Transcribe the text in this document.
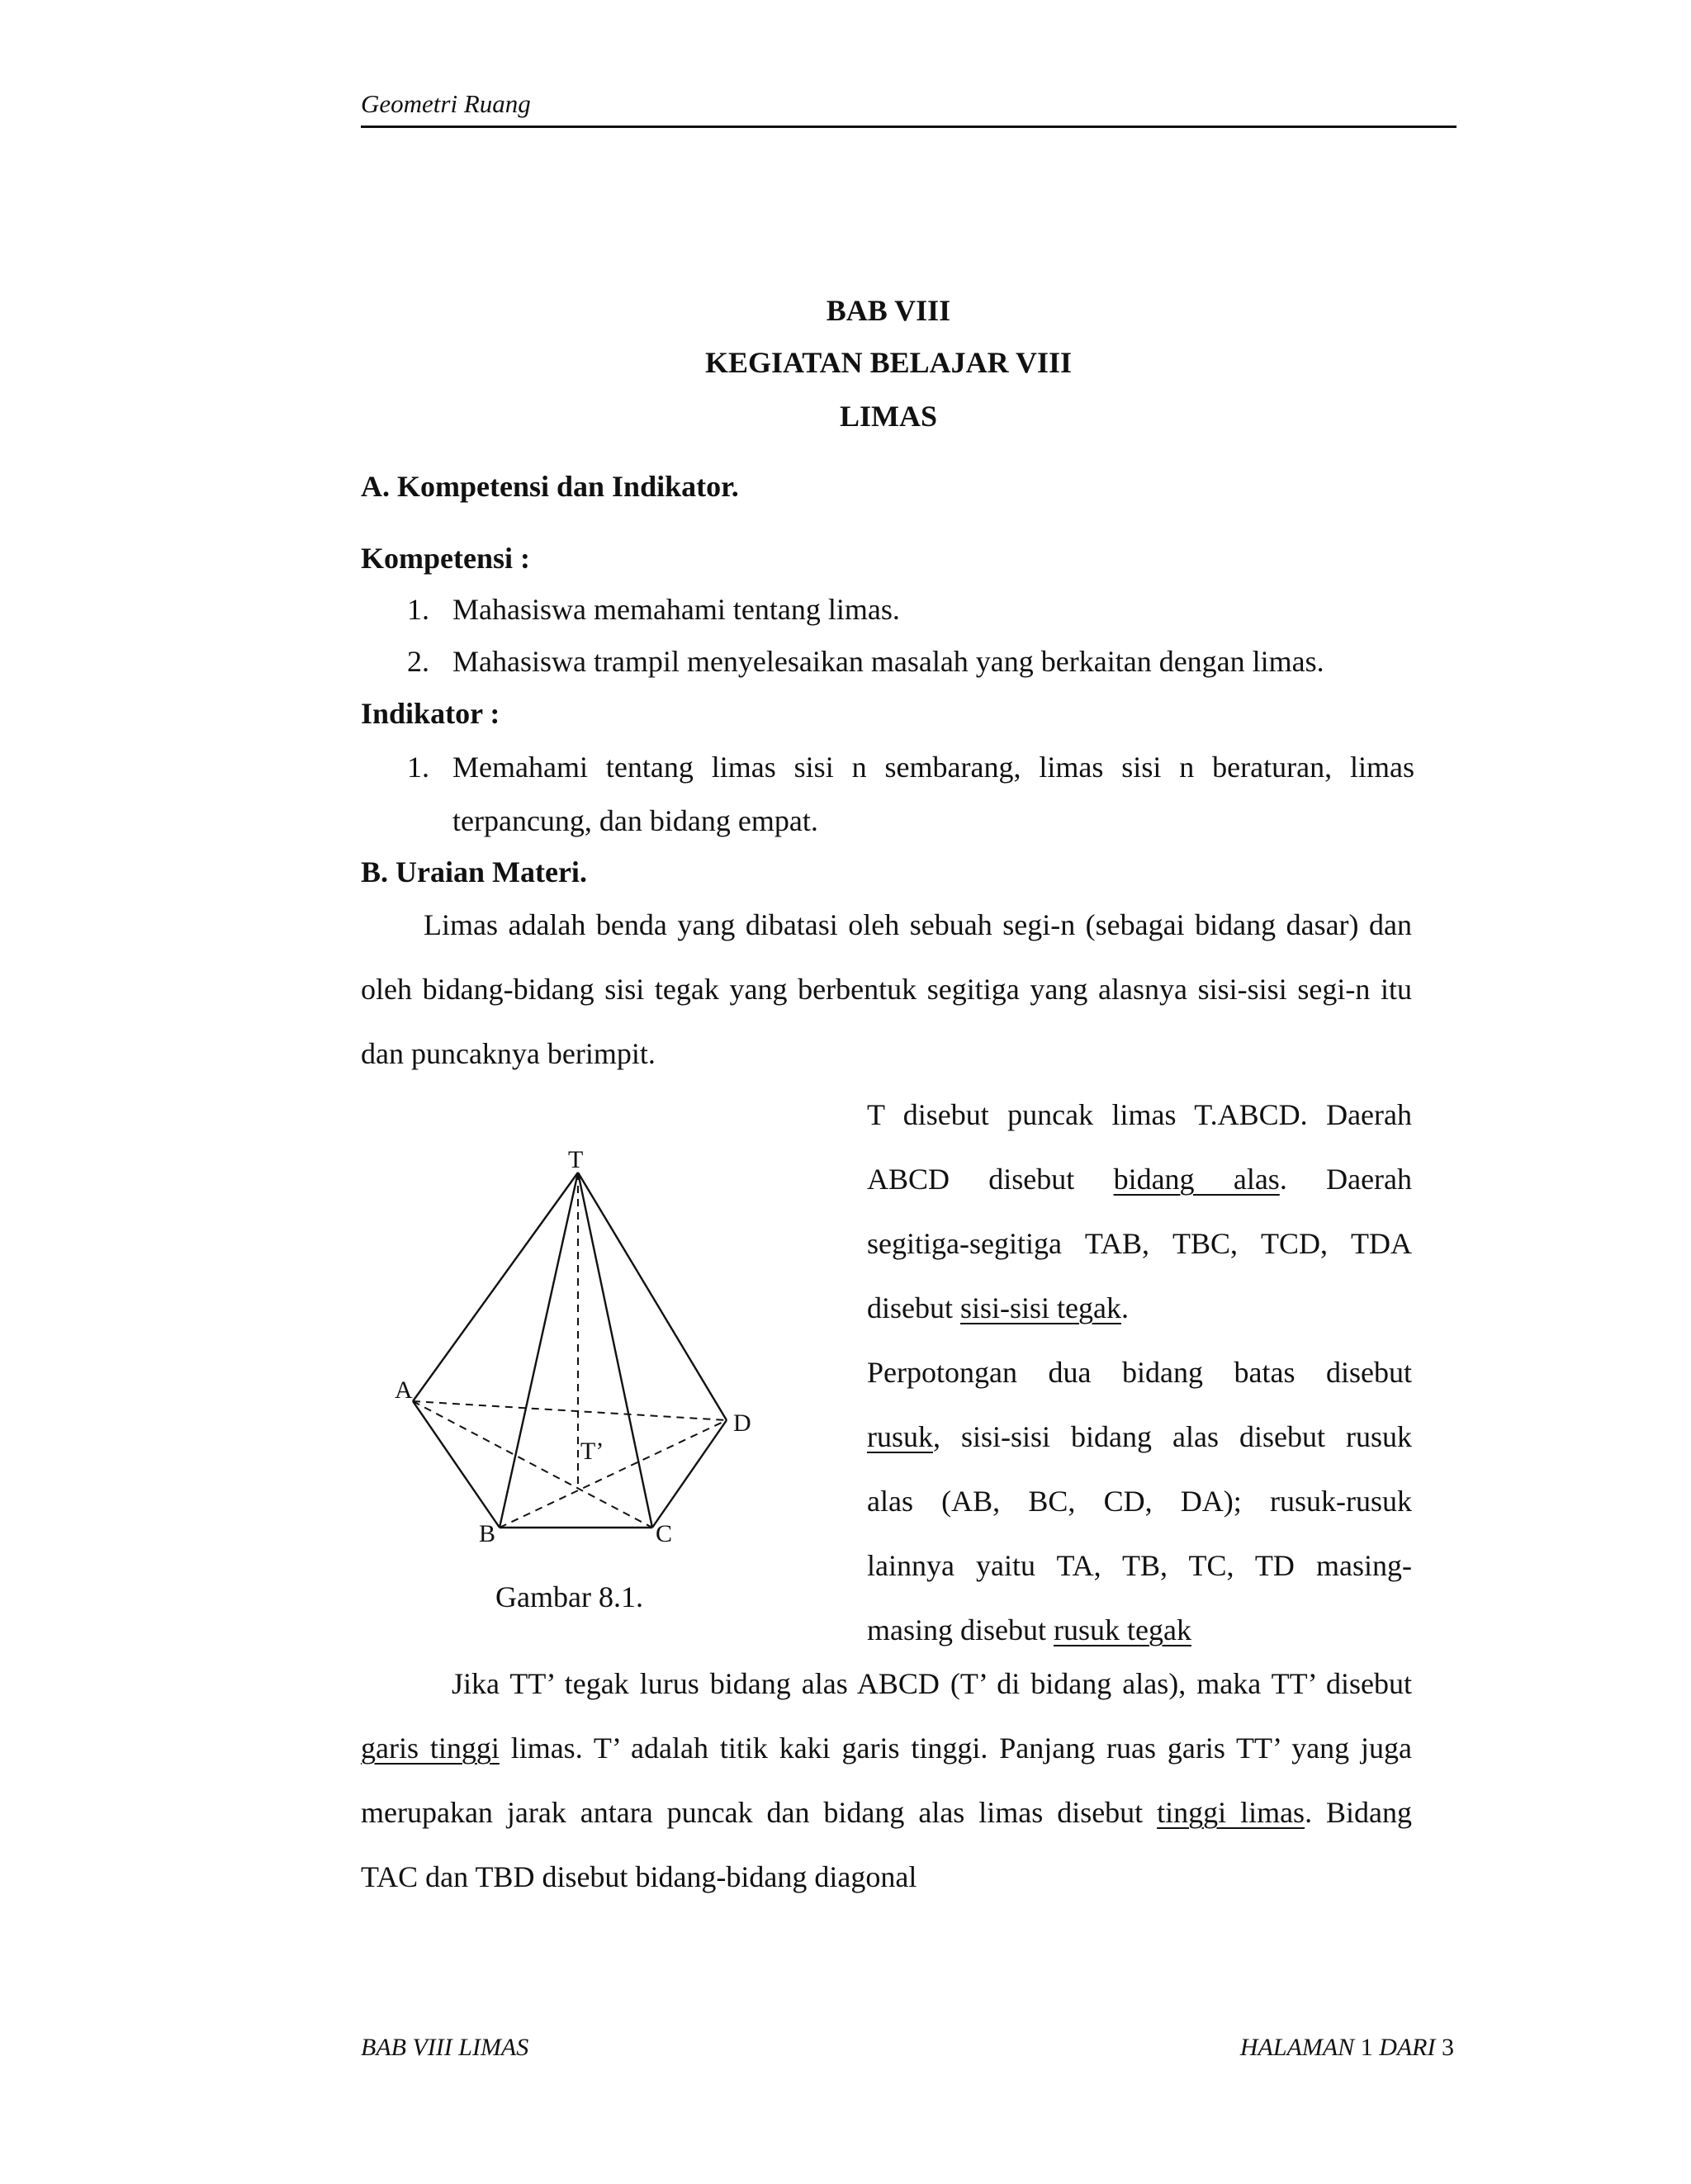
Geometri Ruang
BAB VIII
KEGIATAN BELAJAR VIII
LIMAS
A. Kompetensi dan Indikator.
Kompetensi :
1. Mahasiswa memahami tentang limas.
2. Mahasiswa trampil menyelesaikan masalah yang berkaitan dengan limas.
Indikator :
1. Memahami tentang limas sisi n sembarang, limas sisi n beraturan, limas
terpancung, dan bidang empat.
B. Uraian Materi.
Limas adalah benda yang dibatasi oleh sebuah segi-n (sebagai bidang dasar) dan
oleh bidang-bidang sisi tegak yang berbentuk segitiga yang alasnya sisi-sisi segi-n itu
dan puncaknya berimpit.
T
A
D
B	C
T’
Gambar 8.1.
T disebut puncak limas T.ABCD. Daerah
ABCD disebut bidang alas. Daerah
segitiga-segitiga TAB, TBC, TCD, TDA
disebut sisi-sisi tegak.
Perpotongan dua bidang batas disebut
rusuk, sisi-sisi bidang alas disebut rusuk
alas (AB, BC, CD, DA); rusuk-rusuk
lainnya yaitu TA, TB, TC, TD masing-
masing disebut rusuk tegak
Jika TT’ tegak lurus bidang alas ABCD (T’ di bidang alas), maka TT’ disebut
garis tinggi limas. T’ adalah titik kaki garis tinggi. Panjang ruas garis TT’ yang juga
merupakan jarak antara puncak dan bidang alas limas disebut tinggi limas. Bidang
TAC dan TBD disebut bidang-bidang diagonal
BAB VIII LIMAS	HALAMAN 1 DARI 3
